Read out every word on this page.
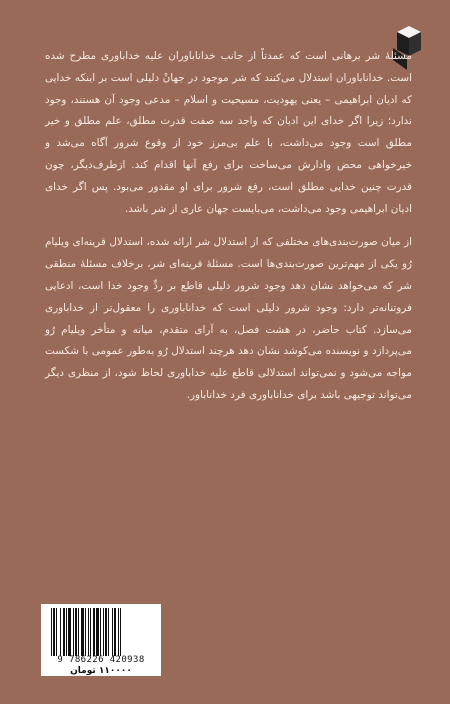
مسئلهٔ شر برهانی است که عمدتاً از جانب خداناباوران علیه خداباوری مطرح شده است. خداناباوران استدلال می‌کنند که شر موجود در جهانْ دلیلی است بر اینکه خدایی که ادیان ابراهیمی – یعنی یهودیت، مسیحیت و اسلام – مدعی وجود آن هستند، وجود ندارد؛ زیرا اگر خدای این ادیان که واجد سه صفت قدرت مطلق، علم مطلق و خیر مطلق است وجود می‌داشت، با علم بی‌مرز خود از وقوع شرور آگاه می‌شد و خیرخواهی محض وادارش می‌ساخت برای رفع آنها اقدام کند. ازطرف‌دیگر، چون قدرت چنین خدایی مطلق است، رفع شرور برای او مقدور می‌بود. پس اگر خدای ادیان ابراهیمی وجود می‌داشت، می‌بایست جهان عاری از شر باشد.

از میان صورت‌بندی‌های مختلفی که از استدلال شر ارائه شده، استدلال قرینه‌ای ویلیام رُو یکی از مهم‌ترین صورت‌بندی‌ها است. مسئلهٔ قرینه‌ای شر، برخلاف مسئلهٔ منطقی شر که می‌خواهد نشان دهد وجود شرور دلیلی قاطع بر ردِّ وجود خدا است، ادعایی فروتنانه‌تر دارد: وجود شرور دلیلی است که خداناباوری را معقول‌تر از خداباوری می‌سازد. کتاب حاضر، در هشت فصل، به آرای متقدم، میانه و متأخر ویلیام رُو می‌پردازد و نویسنده می‌کوشد نشان دهد هرچند استدلال رُو به‌طور عمومی با شکست مواجه می‌شود و نمی‌تواند استدلالی قاطع علیه خداباوری لحاظ شود، از منظری دیگر می‌تواند توجیهی باشد برای خداناباوری فرد خداناباور.

9 786226 420938
۱۱۰۰۰۰ تومان
